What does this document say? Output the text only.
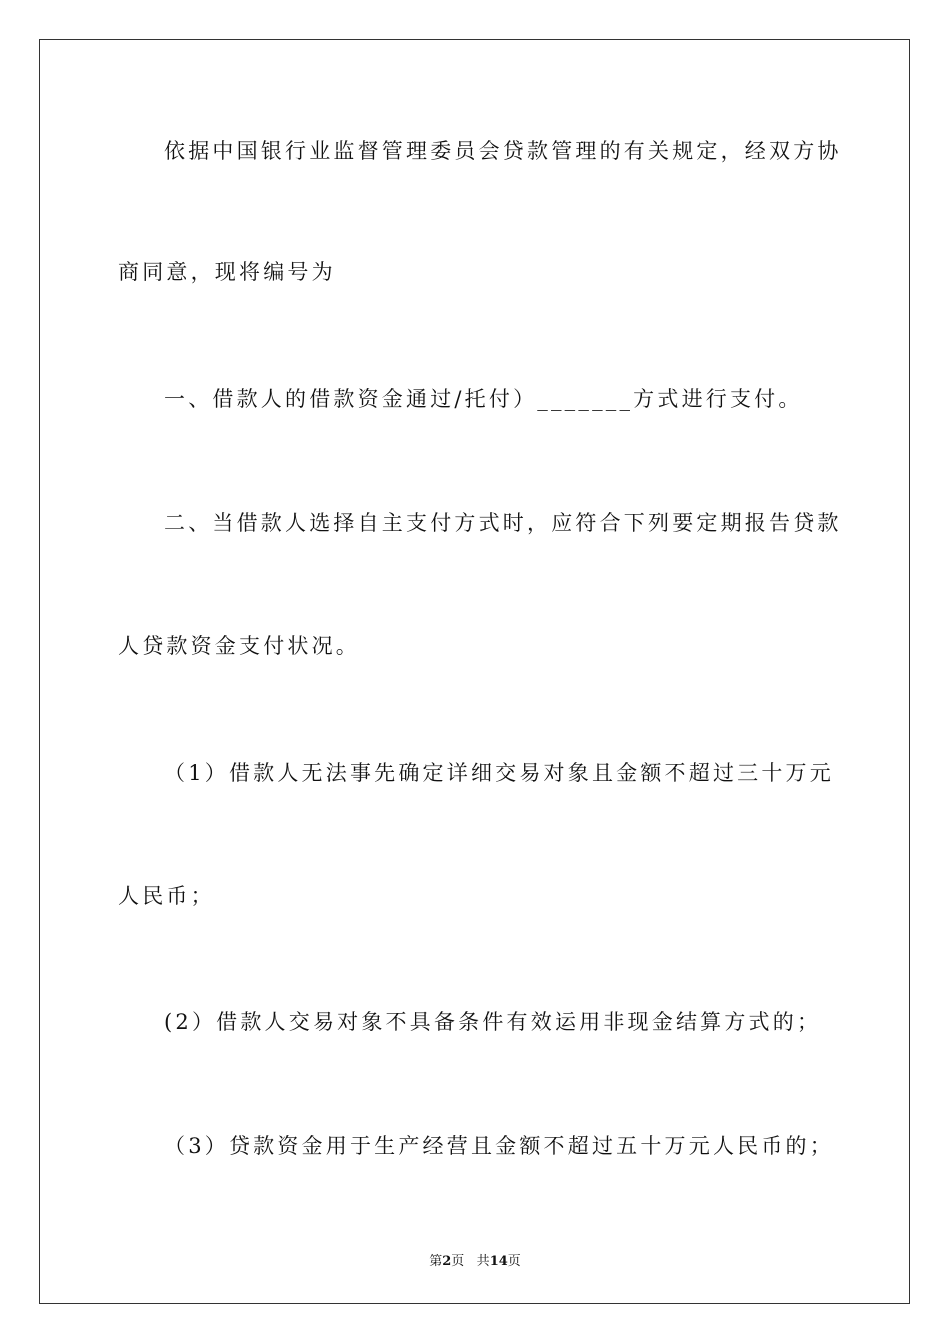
依据中国银行业监督管理委员会贷款管理的有关规定，经双方协
商同意，现将编号为
一、借款人的借款资金通过/托付）_______方式进行支付。
二、当借款人选择自主支付方式时，应符合下列要定期报告贷款
人贷款资金支付状况。
（1）借款人无法事先确定详细交易对象且金额不超过三十万元
人民币；
(2）借款人交易对象不具备条件有效运用非现金结算方式的；
（3）贷款资金用于生产经营且金额不超过五十万元人民币的；
第2页 共14页
